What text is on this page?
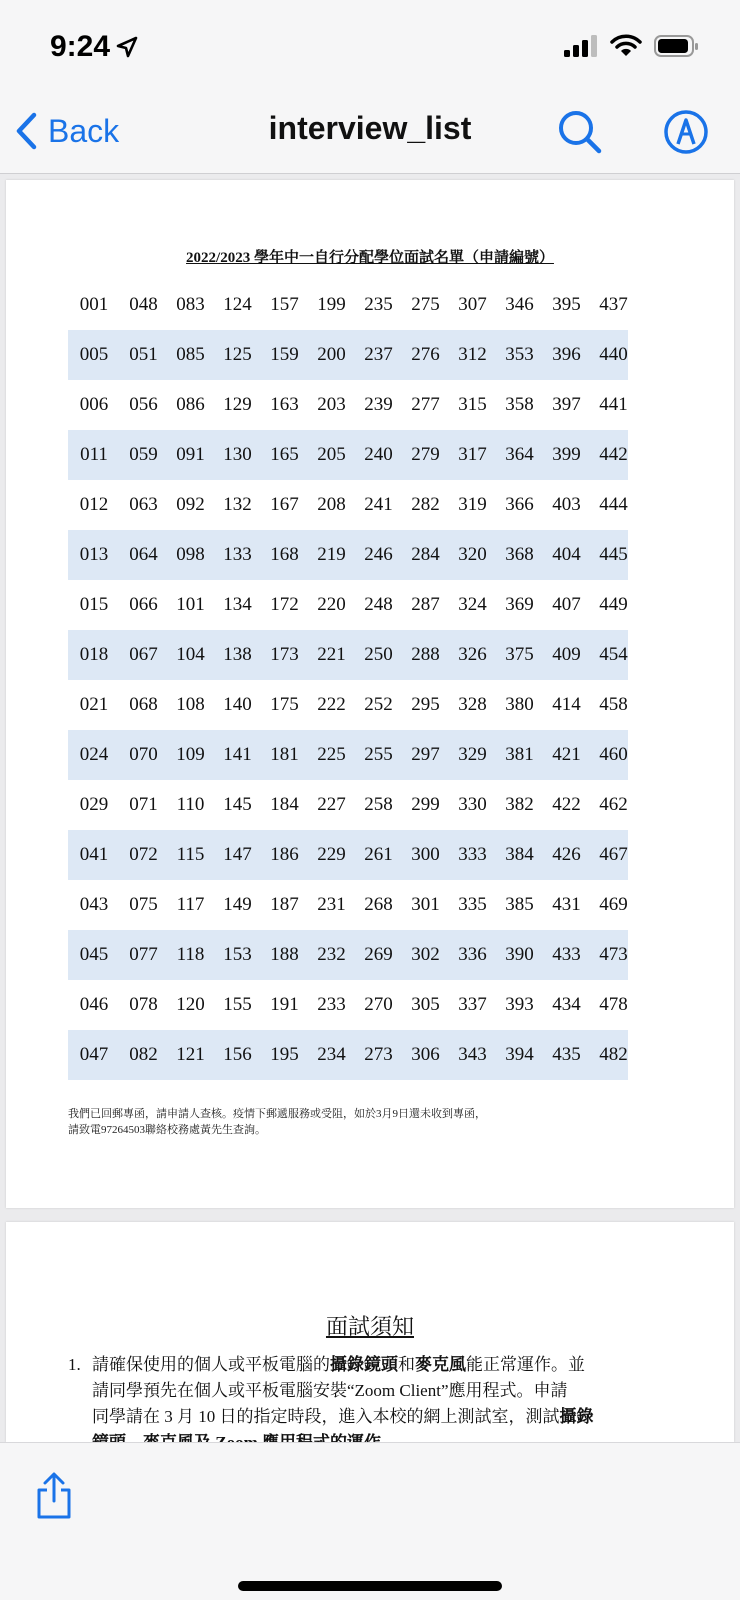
9:24
Back	interview_list
2022/2023 學年中一自行分配學位面試名單（申請編號）
001	048 083 124 157 199 235 275 307 346 395 437
005	051 085 125 159 200 237 276 312 353 396 440
006	056 086 129 163 203 239 277 315 358 397 441
011	059 091 130 165 205 240 279 317 364 399 442
012	063 092 132 167 208 241 282 319 366 403 444
013	064 098 133 168 219 246 284 320 368 404 445
015	066 101 134 172 220 248 287 324 369 407 449
018	067 104 138 173 221 250 288 326 375 409 454
021	068 108 140 175 222 252 295 328 380 414 458
024	070 109 141 181 225 255 297 329 381 421 460
029	071 110 145 184 227 258 299 330 382 422 462
041	072 115 147 186 229 261 300 333 384 426 467
043	075 117 149 187 231 268 301 335 385 431 469
045	077 118 153 188 232 269 302 336 390 433 473
046	078 120 155 191 233 270 305 337 393 434 478
047	082 121 156 195 234 273 306 343 394 435 482
我們已回郵專函，請申請人查核。疫情下郵遞服務或受阻，如於3月9日還未收到專函，
請致電97264503聯絡校務處黃先生查詢。
面試須知
1. 請確保使用的個人或平板電腦的攝錄鏡頭和麥克風能正常運作。並
請同學預先在個人或平板電腦安裝“Zoom Client”應用程式。申請
同學請在 3 月 10 日的指定時段，進入本校的網上測試室，測試攝錄
